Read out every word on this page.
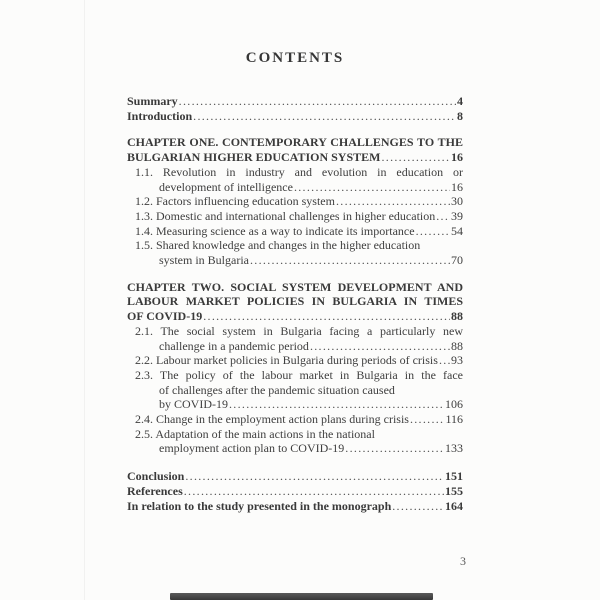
CONTENTS
Summary .....	4
Introduction .....	8
CHAPTER ONE. CONTEMPORARY CHALLENGES TO THE
BULGARIAN HIGHER EDUCATION SYSTEM .....	16
1.1. Revolution in industry and evolution in education or
development of intelligence .....	16
1.2. Factors influencing education system .....	30
1.3. Domestic and international challenges in higher education ..... 39
1.4. Measuring science as a way to indicate its importance .....	54
1.5. Shared knowledge and changes in the higher education
system in Bulgaria .....	70
CHAPTER TWO. SOCIAL SYSTEM DEVELOPMENT AND
LABOUR MARKET POLICIES IN BULGARIA IN TIMES
OF COVID-19 .....	88
2.1. The social system in Bulgaria facing a particularly new
challenge in a pandemic period .....	88
2.2. Labour market policies in Bulgaria during periods of crisis ..... 93
2.3. The policy of the labour market in Bulgaria in the face
of challenges after the pandemic situation caused
by COVID-19 .....	106
2.4. Change in the employment action plans during crisis .....	116
2.5. Adaptation of the main actions in the national
employment action plan to COVID-19 .....	133
Conclusion .....	151
References .....	155
In relation to the study presented in the monograph .....	164
3
